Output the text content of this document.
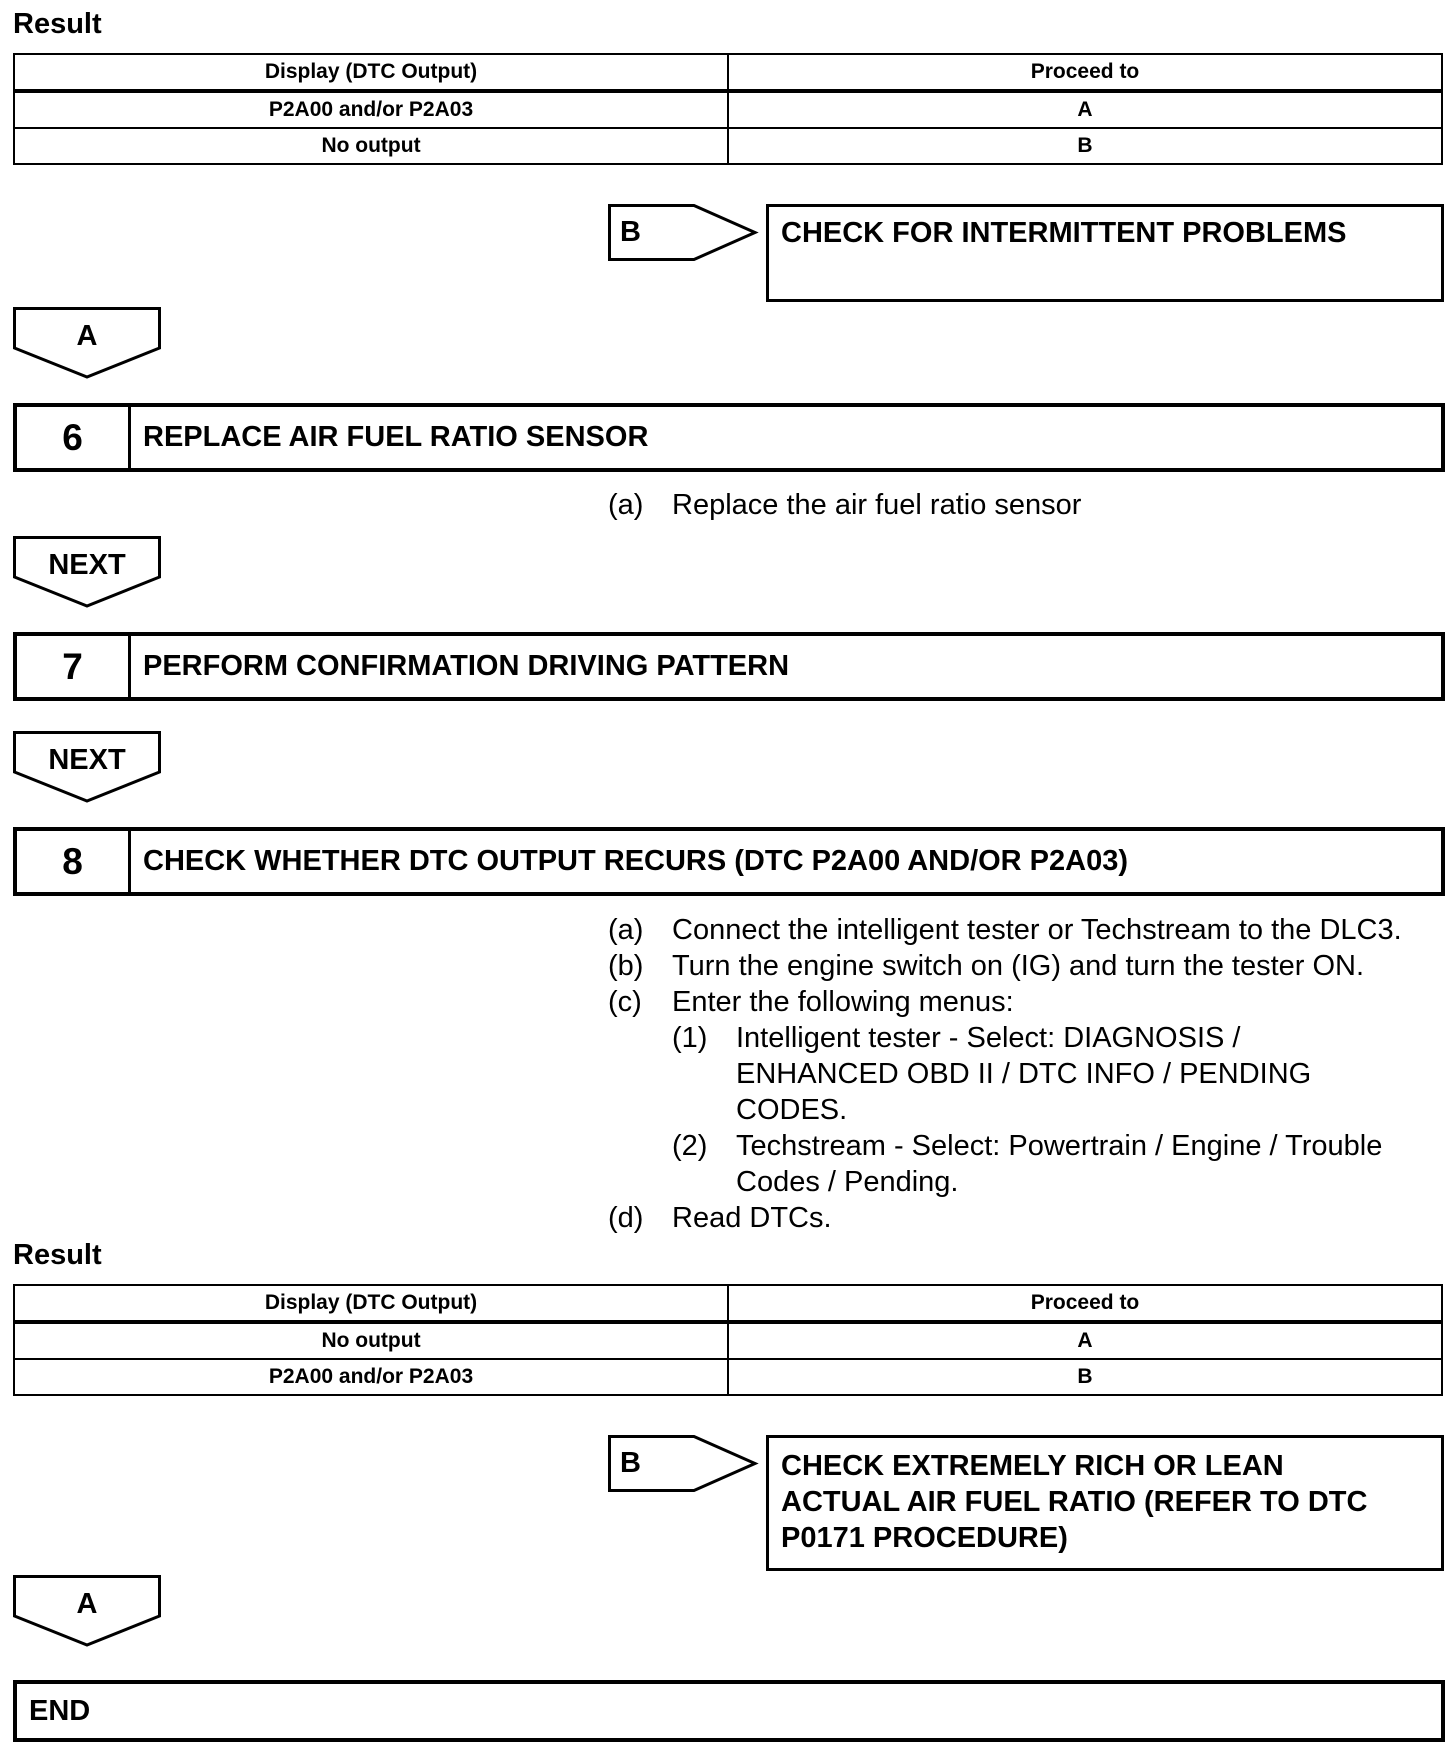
Result
Display (DTC Output)	Proceed to
P2A00 and/or P2A03	A
No output	B
B	CHECK FOR INTERMITTENT PROBLEMS
A
6	REPLACE AIR FUEL RATIO SENSOR
(a) Replace the air fuel ratio sensor
NEXT
7	PERFORM CONFIRMATION DRIVING PATTERN
NEXT
8	CHECK WHETHER DTC OUTPUT RECURS (DTC P2A00 AND/OR P2A03)
(a) Connect the intelligent tester or Techstream to the DLC3.
(b) Turn the engine switch on (IG) and turn the tester ON.
(c) Enter the following menus:
(1) Intelligent tester - Select: DIAGNOSIS /
ENHANCED OBD II / DTC INFO / PENDING
CODES.
(2) Techstream - Select: Powertrain / Engine / Trouble
Codes / Pending.
(d) Read DTCs.
Result
Display (DTC Output)	Proceed to
No output	A
P2A00 and/or P2A03	B
B	CHECK EXTREMELY RICH OR LEAN
ACTUAL AIR FUEL RATIO (REFER TO DTC
P0171 PROCEDURE)
A
END
